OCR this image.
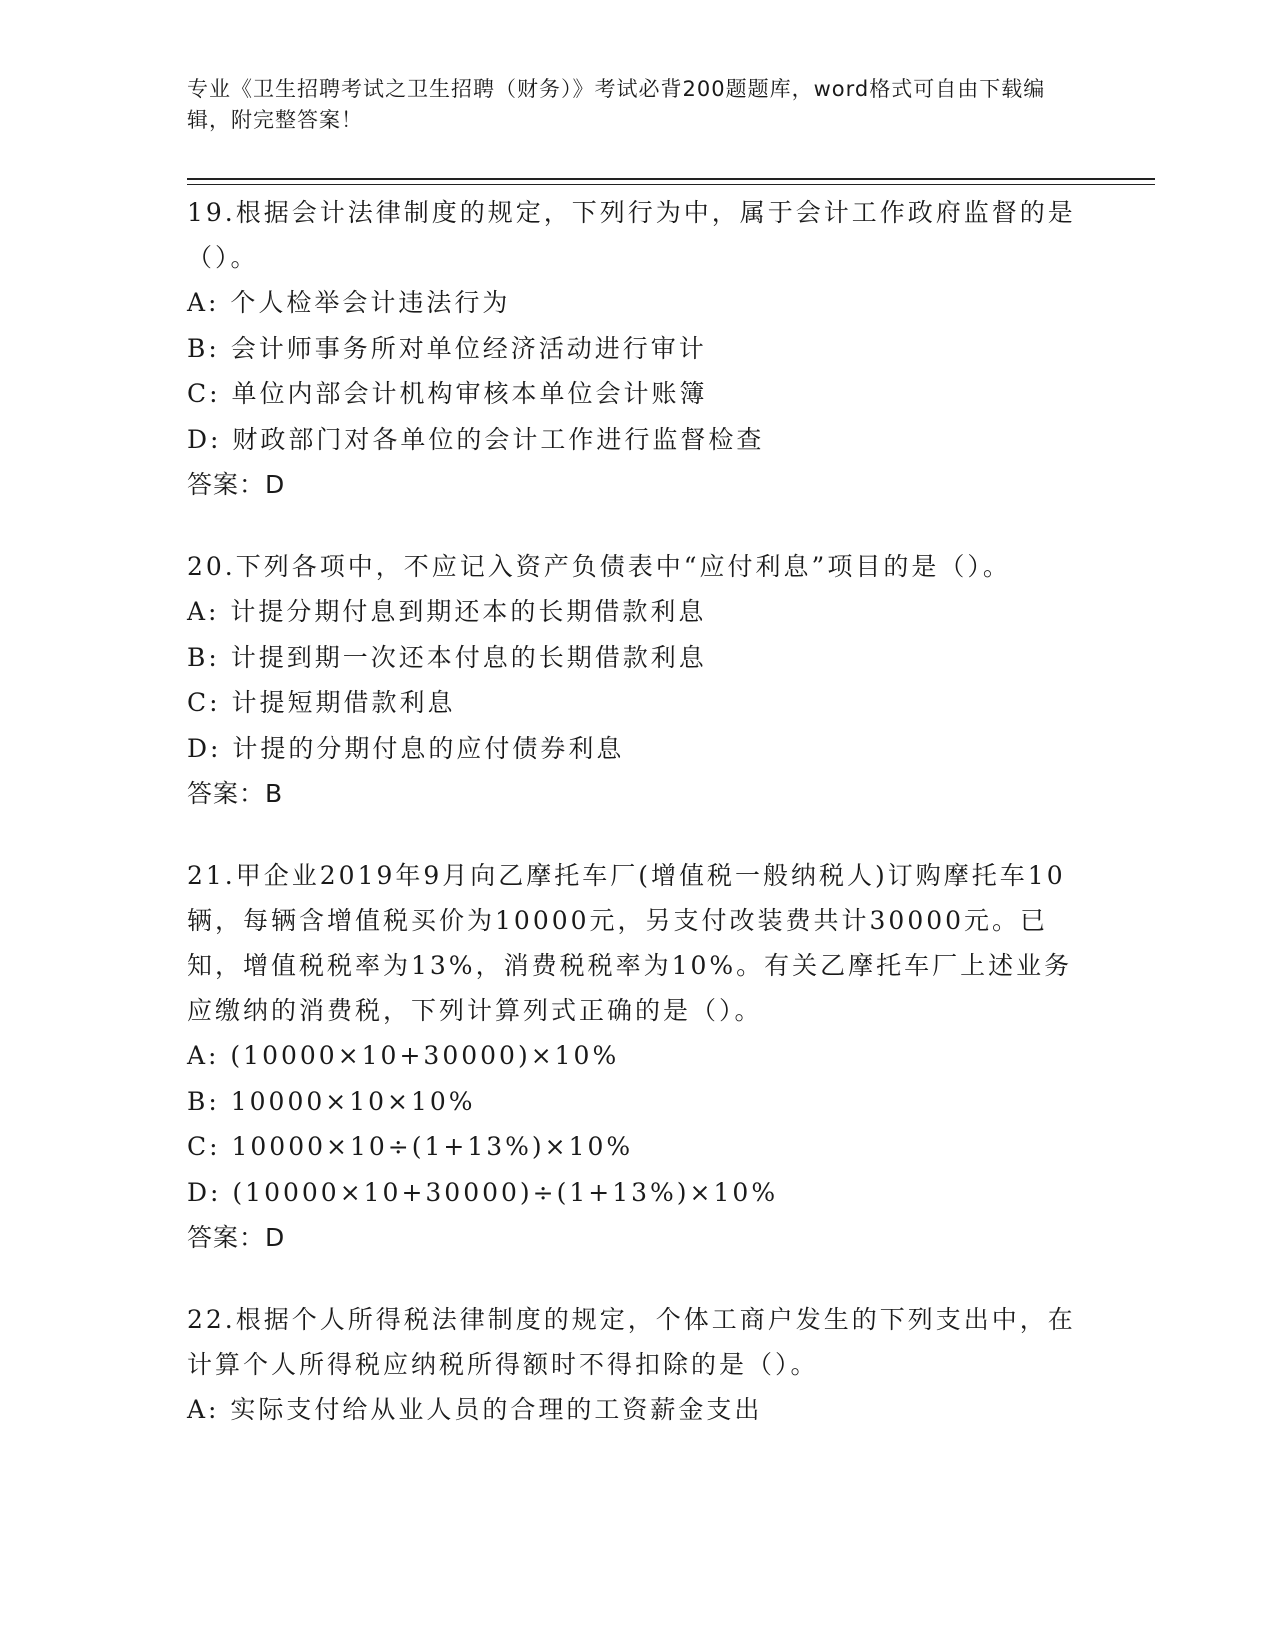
专业《卫生招聘考试之卫生招聘（财务）》考试必背200题题库，word格式可自由下载编辑，附完整答案！

19.根据会计法律制度的规定，下列行为中，属于会计工作政府监督的是（）。

A: 个人检举会计违法行为

B: 会计师事务所对单位经济活动进行审计

C: 单位内部会计机构审核本单位会计账簿

D: 财政部门对各单位的会计工作进行监督检查

答案：D

20.下列各项中，不应记入资产负债表中“应付利息”项目的是（）。

A: 计提分期付息到期还本的长期借款利息

B: 计提到期一次还本付息的长期借款利息

C: 计提短期借款利息

D: 计提的分期付息的应付债券利息

答案：B

21.甲企业2019年9月向乙摩托车厂(增值税一般纳税人)订购摩托车10辆，每辆含增值税买价为10000元，另支付改装费共计30000元。已知，增值税税率为13%，消费税税率为10%。有关乙摩托车厂上述业务应缴纳的消费税，下列计算列式正确的是（）。

A: (10000×10+30000)×10%

B: 10000×10×10%

C: 10000×10÷(1+13%)×10%

D: (10000×10+30000)÷(1+13%)×10%

答案：D

22.根据个人所得税法律制度的规定，个体工商户发生的下列支出中，在计算个人所得税应纳税所得额时不得扣除的是（）。

A: 实际支付给从业人员的合理的工资薪金支出
